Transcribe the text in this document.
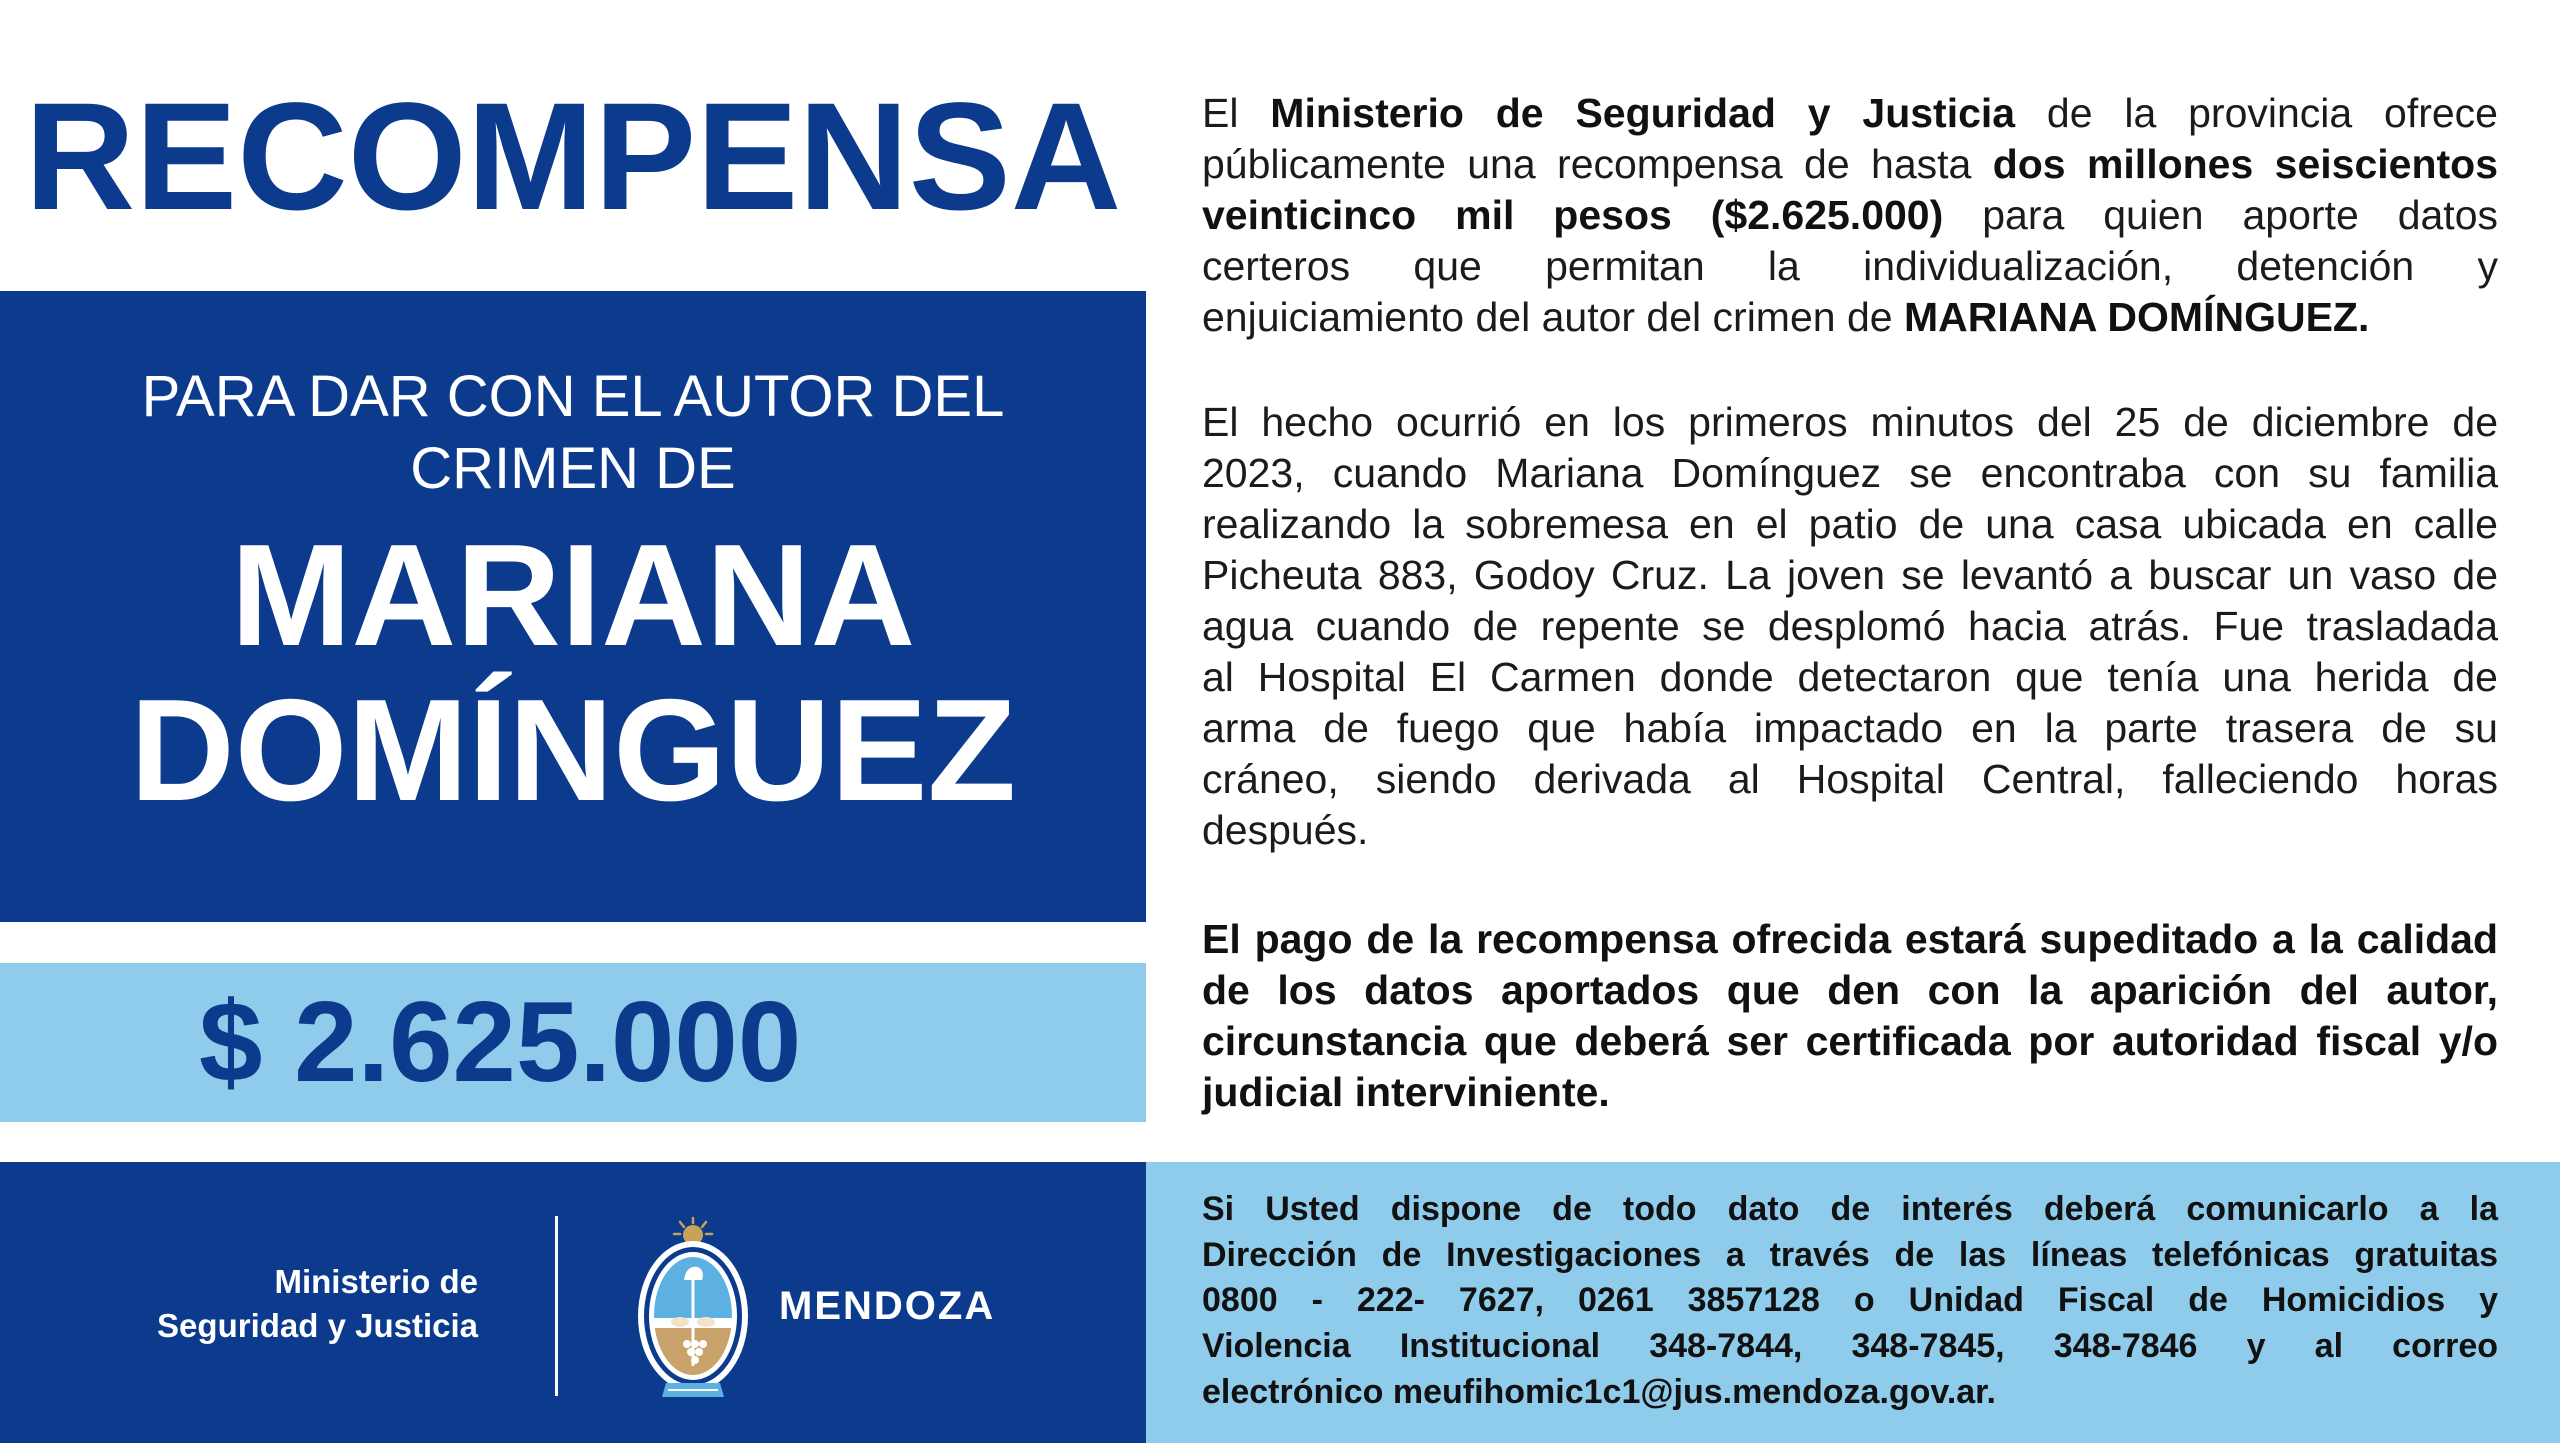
RECOMPENSA
PARA DAR CON EL AUTOR DEL
CRIMEN DE
MARIANA
DOMÍNGUEZ
$ 2.625.000
El Ministerio de Seguridad y Justicia de la provincia ofrece
públicamente una recompensa de hasta dos millones seiscientos
veinticinco mil pesos ($2.625.000) para quien aporte datos
certeros que permitan la individualización, detención y
enjuiciamiento del autor del crimen de MARIANA DOMÍNGUEZ.
El hecho ocurrió en los primeros minutos del 25 de diciembre de
2023, cuando Mariana Domínguez se encontraba con su familia
realizando la sobremesa en el patio de una casa ubicada en calle
Picheuta 883, Godoy Cruz. La joven se levantó a buscar un vaso de
agua cuando de repente se desplomó hacia atrás. Fue trasladada
al Hospital El Carmen donde detectaron que tenía una herida de
arma de fuego que había impactado en la parte trasera de su
cráneo, siendo derivada al Hospital Central, falleciendo horas
después.
El pago de la recompensa ofrecida estará supeditado a la calidad
de los datos aportados que den con la aparición del autor,
circunstancia que deberá ser certificada por autoridad fiscal y/o
judicial interviniente.
Ministerio de
Seguridad y Justicia	MENDOZA
Si Usted dispone de todo dato de interés deberá comunicarlo a la
Dirección de Investigaciones a través de las líneas telefónicas gratuitas
0800 - 222- 7627, 0261 3857128 o Unidad Fiscal de Homicidios y
Violencia Institucional 348-7844, 348-7845, 348-7846 y al correo
electrónico meufihomic1c1@jus.mendoza.gov.ar.
